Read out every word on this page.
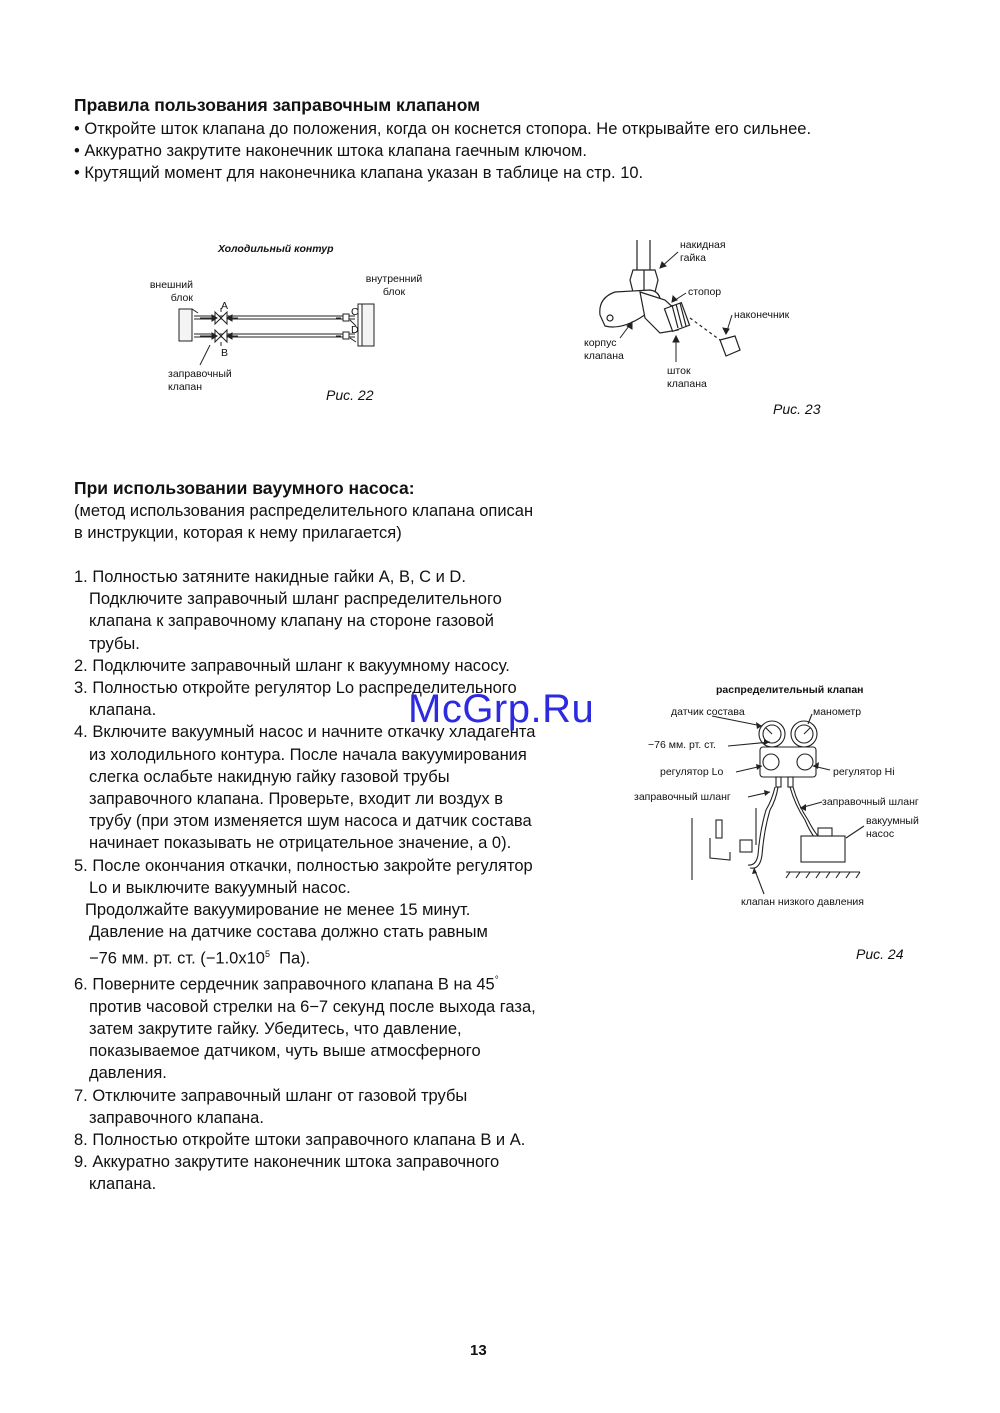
Правила пользования заправочным клапаном
• Откройте шток клапана до положения, когда он коснется стопора. Не открывайте его сильнее.
• Аккуратно закрутите наконечник штока клапана гаечным ключом.
• Крутящий момент для наконечника клапана указан в таблице на стр. 10.
Холодильный контур
внешний
блок
внутренний
блок
A
B
C
D
заправочный
клапан	Рис. 22
накидная
гайка
стопор
наконечник
корпус
клапана
шток
клапана
Рис. 23
При использовании вауумного насоса:
(метод использования распределительного клапана описан
в инструкции, которая к нему прилагается)
1. Полностью затяните накидные гайки A, B, C и D.
Подключите заправочный шланг распределительного
клапана к заправочному клапану на стороне газовой
трубы.
2. Подключите заправочный шланг к вакуумному насосу.
3. Полностью откройте регулятор Lo распределительного
клапана.
4. Включите вакуумный насос и начните откачку хладагента
из холодильного контура. После начала вакуумирования
слегка ослабьте накидную гайку газовой трубы
заправочного клапана. Проверьте, входит ли воздух в
трубу (при этом изменяется шум насоса и датчик состава
начинает показывать не отрицательное значение, а 0).
5. После окончания откачки, полностью закройте регулятор
Lo и выключите вакуумный насос.
Продолжайте вакуумирование не менее 15 минут.
Давление на датчике состава должно стать равным
−76 мм. рт. ст. ($-1.0x10^5$  Па).
6. Поверните сердечник заправочного клапана B на 45°
против часовой стрелки на 6−7 секунд после выхода газа,
затем закрутите гайку. Убедитесь, что давление,
показываемое датчиком, чуть выше атмосферного
давления.
7. Отключите заправочный шланг от газовой трубы
заправочного клапана.
8. Полностью откройте штоки заправочного клапана B и A.
9. Аккуратно закрутите наконечник штока заправочного
клапана.
McGrp.Ru	распределительный клапан
датчик состава	манометр
−76 мм. рт. ст.
регулятор Lo	регулятор Hi
заправочный шланг	заправочный шланг
вакуумный
насос
клапан низкого давления
Рис. 24
13
